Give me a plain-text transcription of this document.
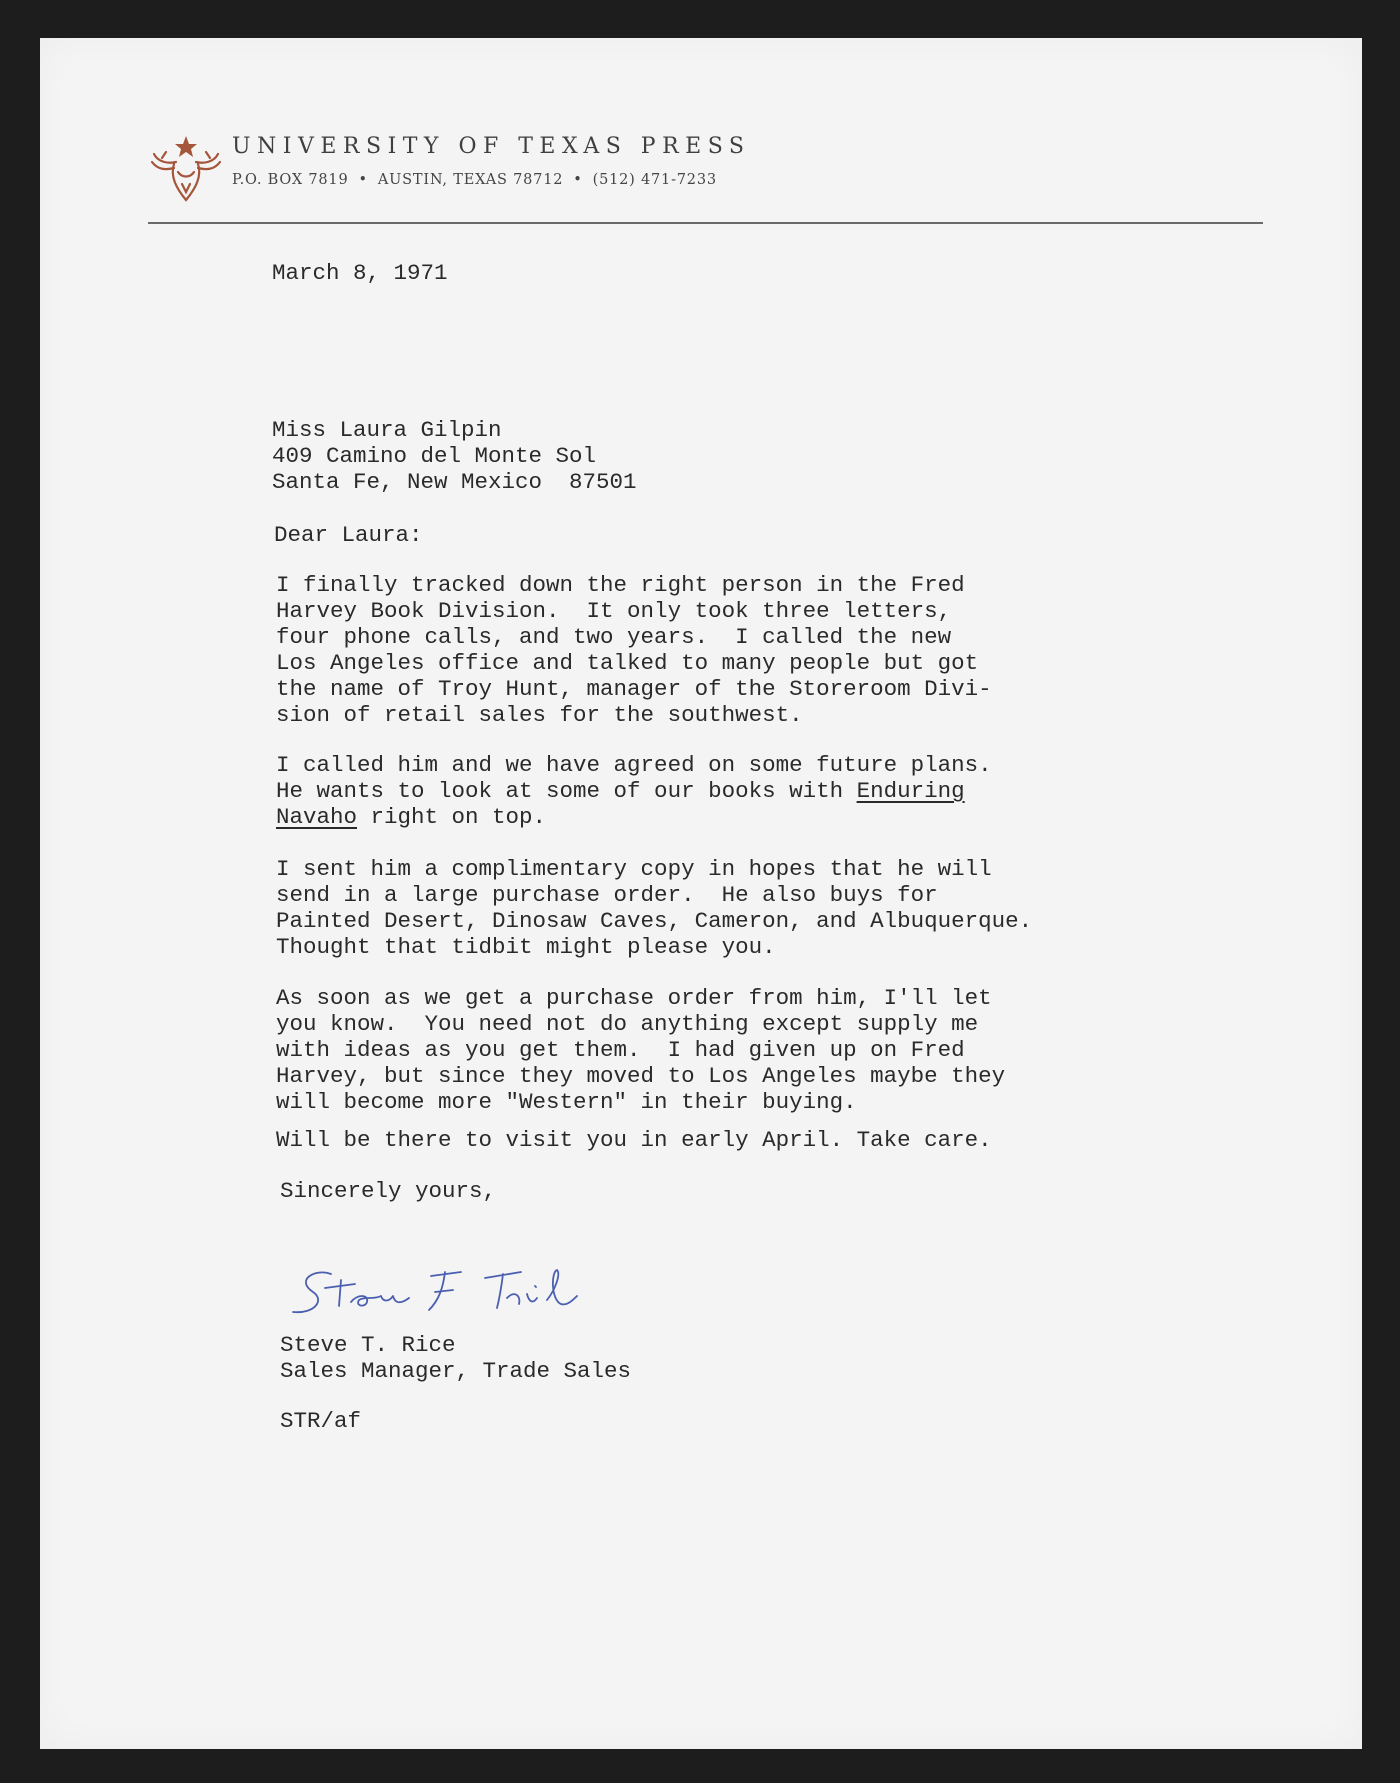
UNIVERSITY OF TEXAS PRESS
P.O. BOX 7819 • AUSTIN, TEXAS 78712 • (512) 471-7233
March 8, 1971
Miss Laura Gilpin
409 Camino del Monte Sol
Santa Fe, New Mexico  87501
Dear Laura:
I finally tracked down the right person in the Fred
Harvey Book Division.  It only took three letters,
four phone calls, and two years.  I called the new
Los Angeles office and talked to many people but got
the name of Troy Hunt, manager of the Storeroom Divi-
sion of retail sales for the southwest.
I called him and we have agreed on some future plans.
He wants to look at some of our books with Enduring
Navaho right on top.
I sent him a complimentary copy in hopes that he will
send in a large purchase order.  He also buys for
Painted Desert, Dinosaw Caves, Cameron, and Albuquerque.
Thought that tidbit might please you.
As soon as we get a purchase order from him, I'll let
you know.  You need not do anything except supply me
with ideas as you get them.  I had given up on Fred
Harvey, but since they moved to Los Angeles maybe they
will become more "Western" in their buying.
Will be there to visit you in early April. Take care.
Sincerely yours,
Steve T. Rice
Sales Manager, Trade Sales
STR/af
